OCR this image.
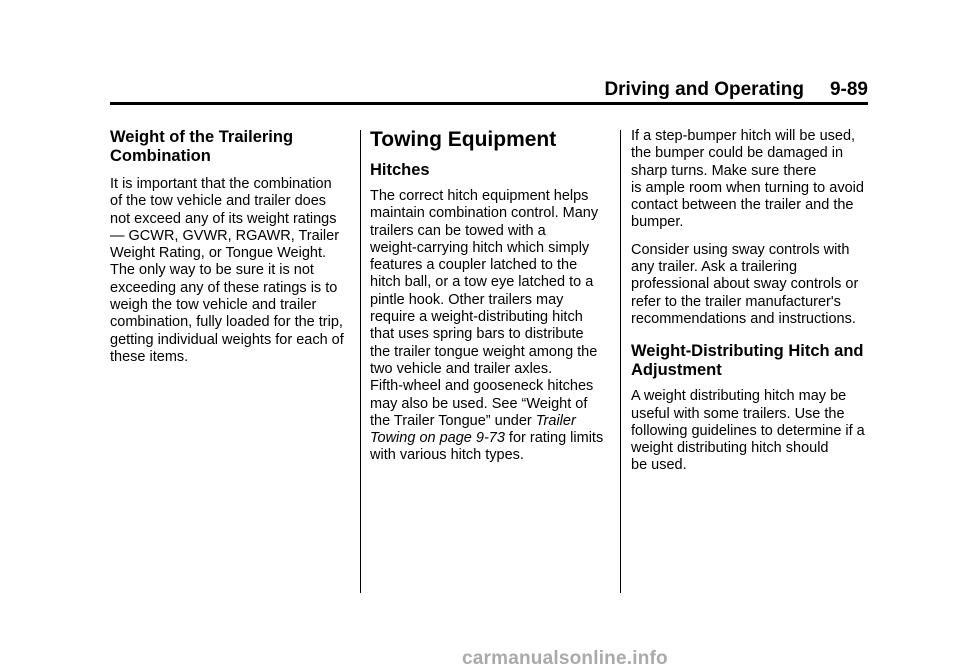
Driving and Operating 9-89
Weight of the Trailering
Combination

It is important that the combination
of the tow vehicle and trailer does
not exceed any of its weight ratings
— GCWR, GVWR, RGAWR, Trailer
Weight Rating, or Tongue Weight.
The only way to be sure it is not
exceeding any of these ratings is to
weigh the tow vehicle and trailer
combination, fully loaded for the trip,
getting individual weights for each of
these items.

Towing Equipment
Hitches

The correct hitch equipment helps
maintain combination control. Many
trailers can be towed with a
weight-carrying hitch which simply
features a coupler latched to the
hitch ball, or a tow eye latched to a
pintle hook. Other trailers may
require a weight-distributing hitch
that uses spring bars to distribute
the trailer tongue weight among the
two vehicle and trailer axles.
Fifth-wheel and gooseneck hitches
may also be used. See “Weight of
the Trailer Tongue” under Trailer
Towing on page 9-73 for rating limits
with various hitch types.

If a step-bumper hitch will be used,
the bumper could be damaged in
sharp turns. Make sure there
is ample room when turning to avoid
contact between the trailer and the
bumper.

Consider using sway controls with
any trailer. Ask a trailering
professional about sway controls or
refer to the trailer manufacturer's
recommendations and instructions.

Weight-Distributing Hitch and
Adjustment

A weight distributing hitch may be
useful with some trailers. Use the
following guidelines to determine if a
weight distributing hitch should
be used.

carmanualsonline.info
